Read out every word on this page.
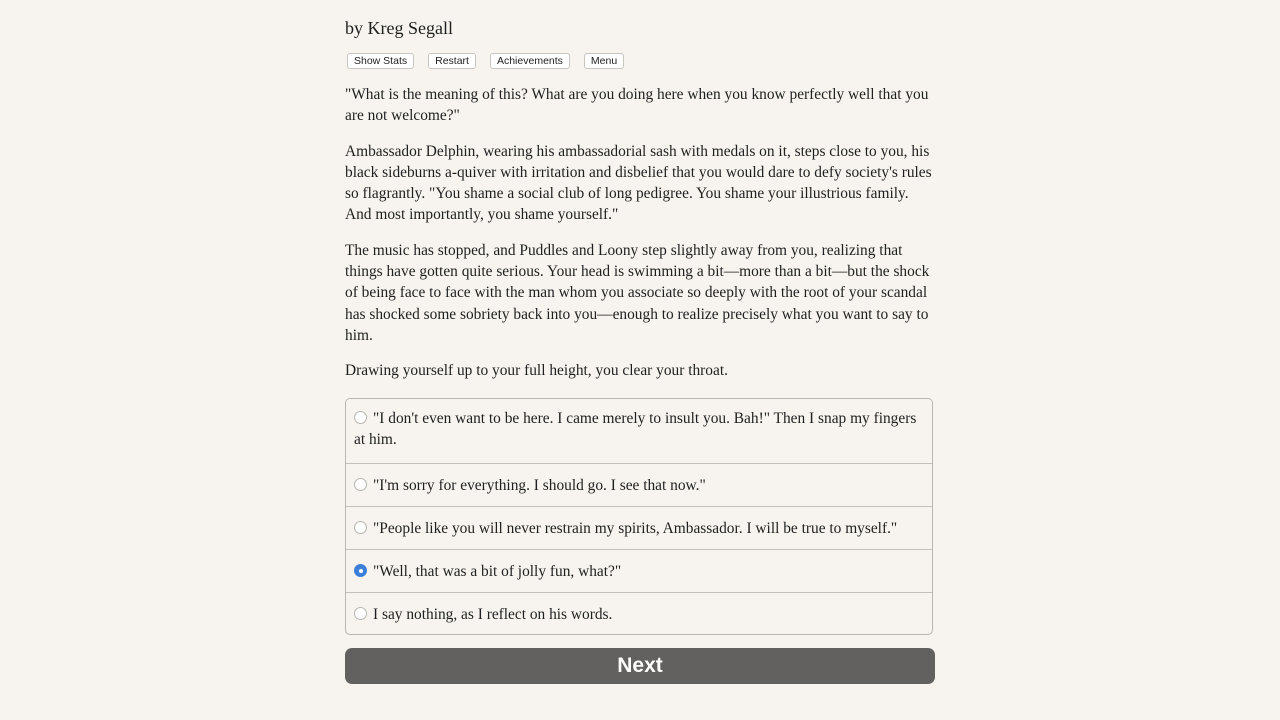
by Kreg Segall
Show Stats	Restart	Achievements	Menu

"What is the meaning of this? What are you doing here when you know perfectly well that you are not welcome?"

Ambassador Delphin, wearing his ambassadorial sash with medals on it, steps close to you, his black sideburns a-quiver with irritation and disbelief that you would dare to defy society's rules so flagrantly. "You shame a social club of long pedigree. You shame your illustrious family. And most importantly, you shame yourself."

The music has stopped, and Puddles and Loony step slightly away from you, realizing that things have gotten quite serious. Your head is swimming a bit—more than a bit—but the shock of being face to face with the man whom you associate so deeply with the root of your scandal has shocked some sobriety back into you—enough to realize precisely what you want to say to him.

Drawing yourself up to your full height, you clear your throat.

"I don't even want to be here. I came merely to insult you. Bah!" Then I snap my fingers at him.
"I'm sorry for everything. I should go. I see that now."
"People like you will never restrain my spirits, Ambassador. I will be true to myself."
"Well, that was a bit of jolly fun, what?"
I say nothing, as I reflect on his words.
Next
